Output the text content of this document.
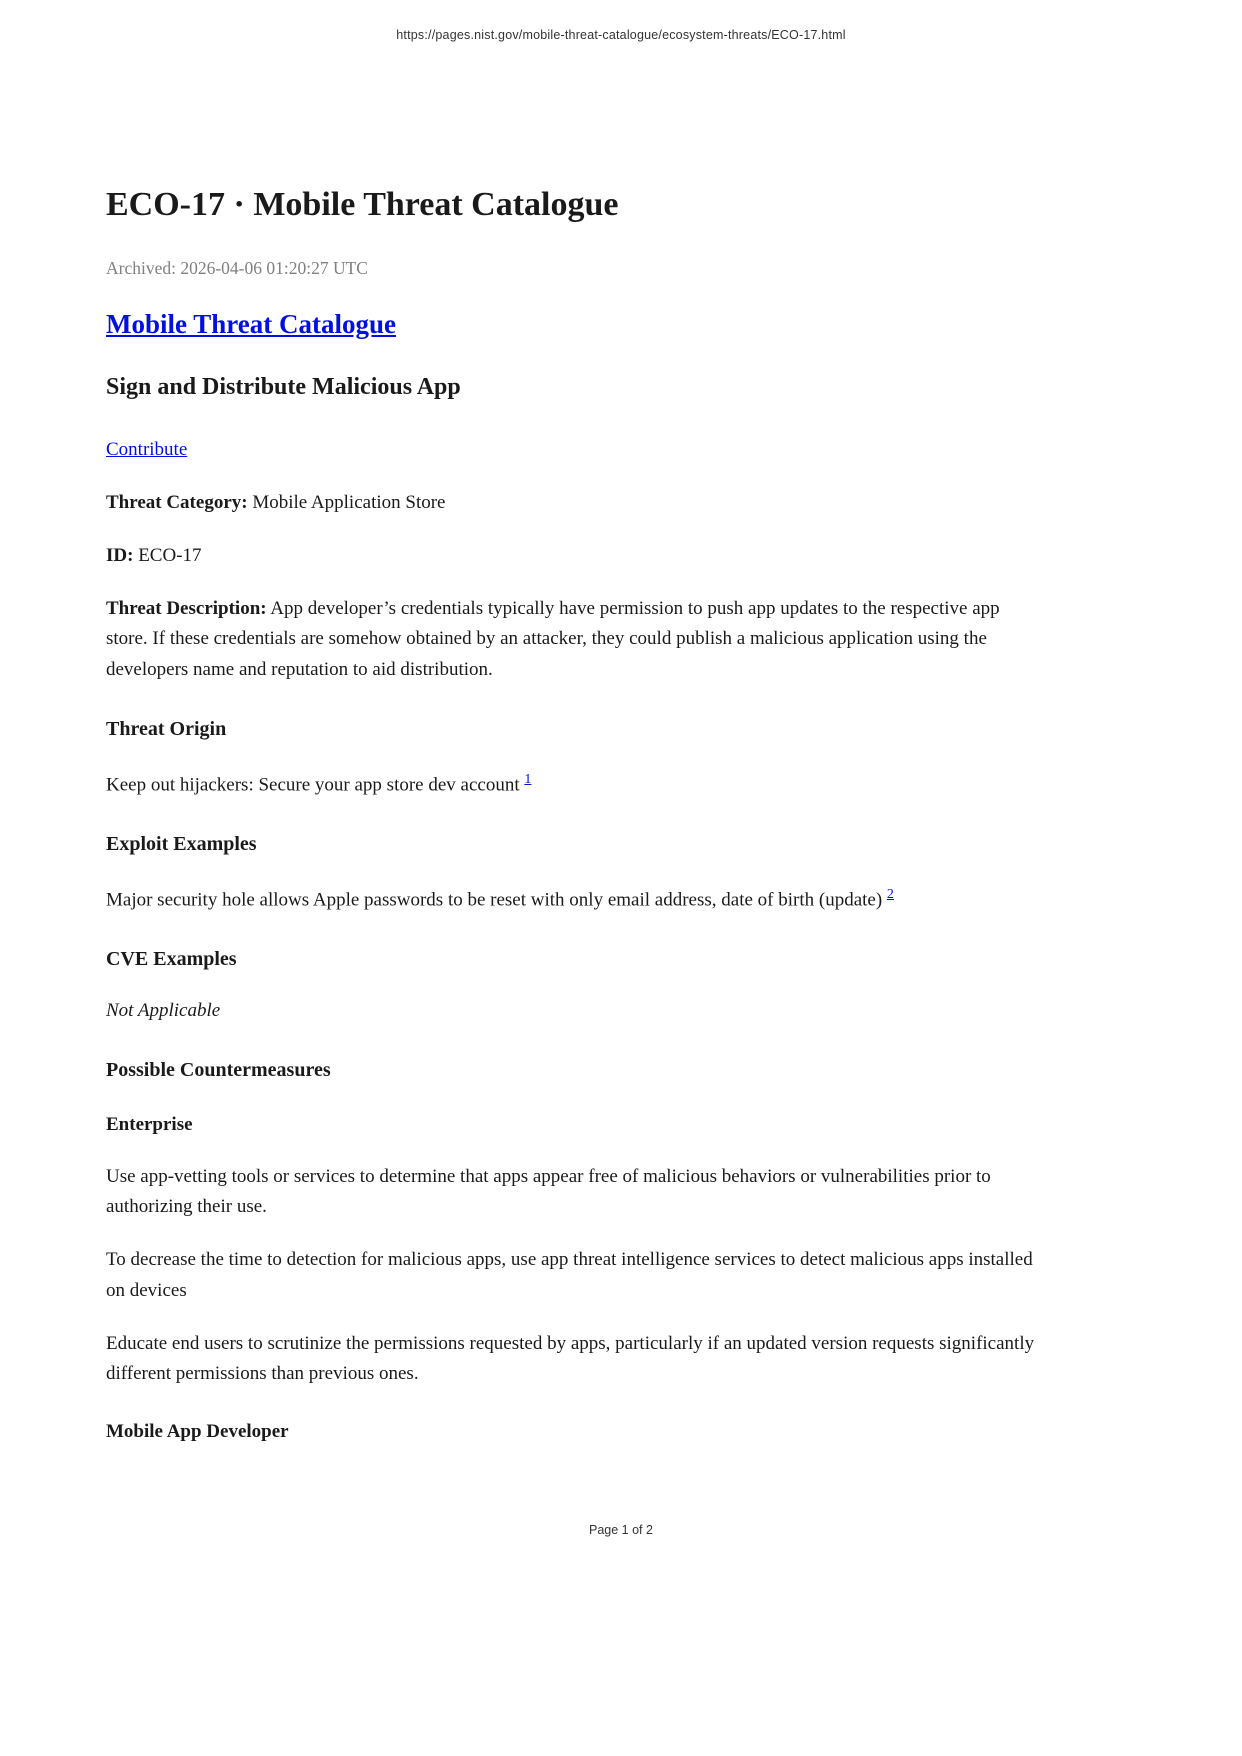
https://pages.nist.gov/mobile-threat-catalogue/ecosystem-threats/ECO-17.html
ECO-17 · Mobile Threat Catalogue

Archived: 2026-04-06 01:20:27 UTC

Mobile Threat Catalogue
Sign and Distribute Malicious App

Contribute

Threat Category: Mobile Application Store

ID: ECO-17

Threat Description: App developer’s credentials typically have permission to push app updates to the respective app store. If these credentials are somehow obtained by an attacker, they could publish a malicious application using the developers name and reputation to aid distribution.

Threat Origin

Keep out hijackers: Secure your app store dev account $^1$

Exploit Examples

Major security hole allows Apple passwords to be reset with only email address, date of birth (update) $^2$

CVE Examples

Not Applicable

Possible Countermeasures
Enterprise

Use app-vetting tools or services to determine that apps appear free of malicious behaviors or vulnerabilities prior to authorizing their use.

To decrease the time to detection for malicious apps, use app threat intelligence services to detect malicious apps installed on devices

Educate end users to scrutinize the permissions requested by apps, particularly if an updated version requests significantly different permissions than previous ones.

Mobile App Developer
Page 1 of 2
